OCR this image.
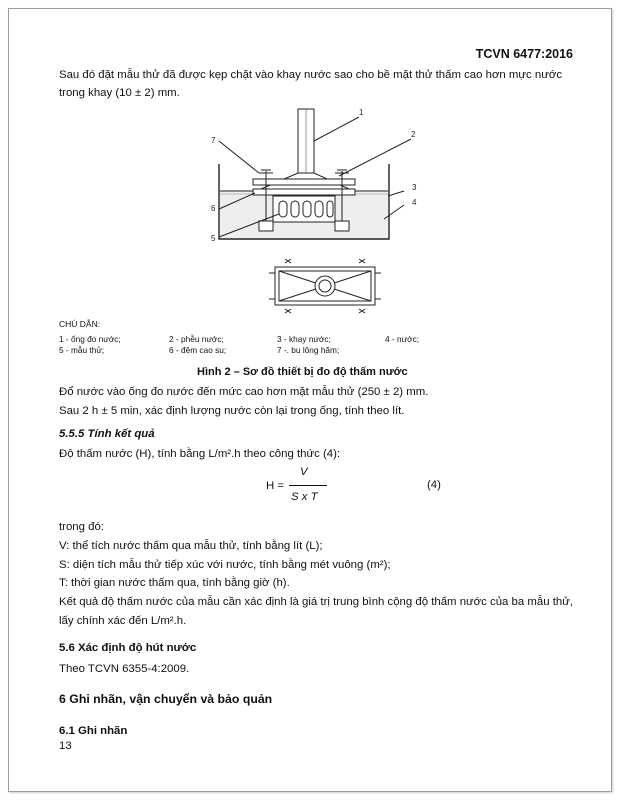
TCVN 6477:2016
Sau đó đặt mẫu thử đã được kẹp chặt vào khay nước sao cho bề mặt thử thấm cao hơn mực nước
trong khay (10 ± 2) mm.
1
2
3
4
5
6
7
CHÚ DẪN:
1 - ống đo nước;	2 - phễu nước;	3 - khay nước;	4 - nước;
5 - mẫu thử;	6 - đệm cao su;	7 -. bu lông hãm;
Hình 2 – Sơ đồ thiết bị đo độ thấm nước
Đổ nước vào ống đo nước đến mức cao hơn mặt mẫu thử (250 ± 2) mm.
Sau 2 h ± 5 min, xác định lượng nước còn lại trong ống, tính theo lít.
5.5.5 Tính kết quả
Độ thấm nước (H), tính bằng L/m².h theo công thức (4):
H =
V
S x T
(4)
trong đó:
V: thể tích nước thấm qua mẫu thử, tính bằng lít (L);
S: diện tích mẫu thử tiếp xúc với nước, tính bằng mét vuông (m²);
T: thời gian nước thấm qua, tính bằng giờ (h).
Kết quả độ thấm nước của mẫu cần xác định là giá trị trung bình cộng độ thấm nước của ba mẫu thử,
lấy chính xác đến L/m².h.
5.6 Xác định độ hút nước
Theo TCVN 6355-4:2009.
6 Ghi nhãn, vận chuyển và bảo quản
6.1 Ghi nhãn
13
